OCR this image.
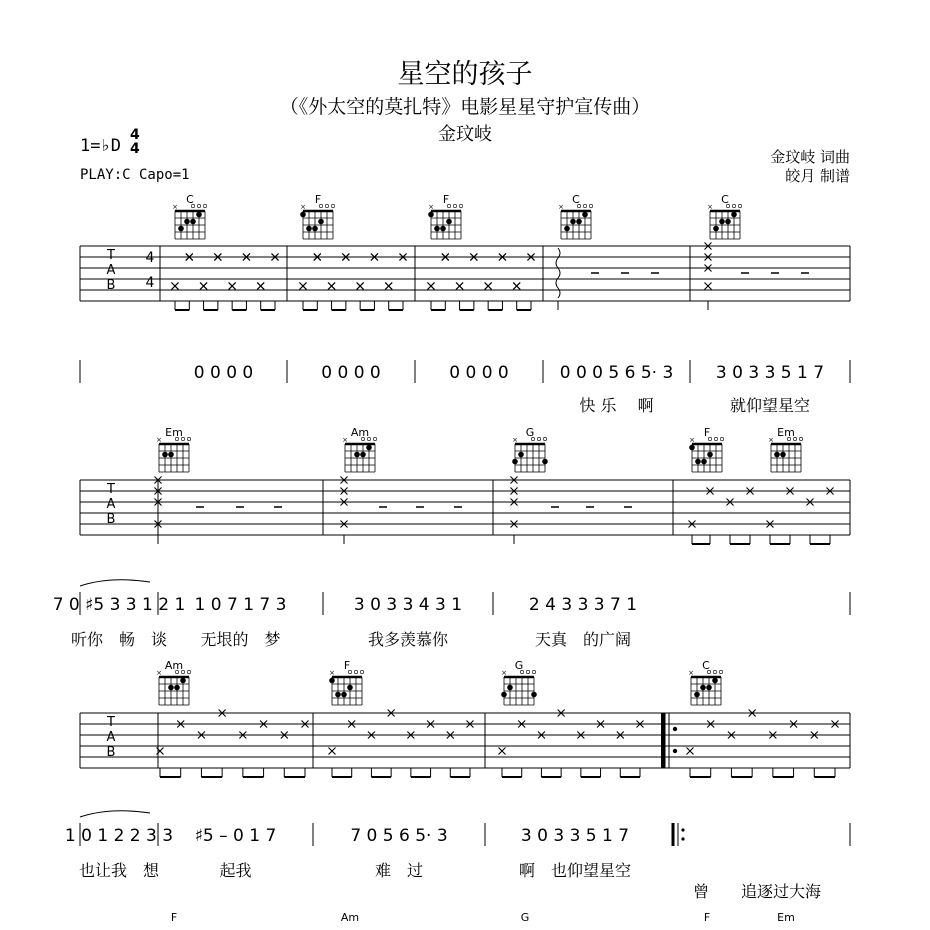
星空的孩子
（《外太空的莫扎特》电影星星守护宣传曲）
金玟岐
1=♭D
4
4
PLAY:C Capo=1
金玟岐 词曲
皎月 制谱
T
A
B
T
A
B
T
A
B
4
4
C
×
F
×
F
×
C
×
C
×
Em
×
Am
×
G
×
F
×
Em
×
Am
×
F
×
G
×
C
×
F	Am	G	F	Em
0 0 0 0	0 0 0 0	0 0 0 0	0 0 0 5 6 5· 3	3 0 3 3 5 1 7
快 乐　 啊	就仰望星空
7 0 ♯5 3 3 1 2 1 1 0 7 1 7 3	3 0 3 3 4 3 1	2 4 3 3 3 7 1
听你　畅　谈 无垠的　梦	我多羡慕你	天真　的广阔
1 0 1 2 2 3 3 ♯5 – 0 1 7	7 0 5 6 5· 3	3 0 3 3 5 1 7
也让我　想	起我	难　过	啊　也仰望星空
曾　　追逐过大海
